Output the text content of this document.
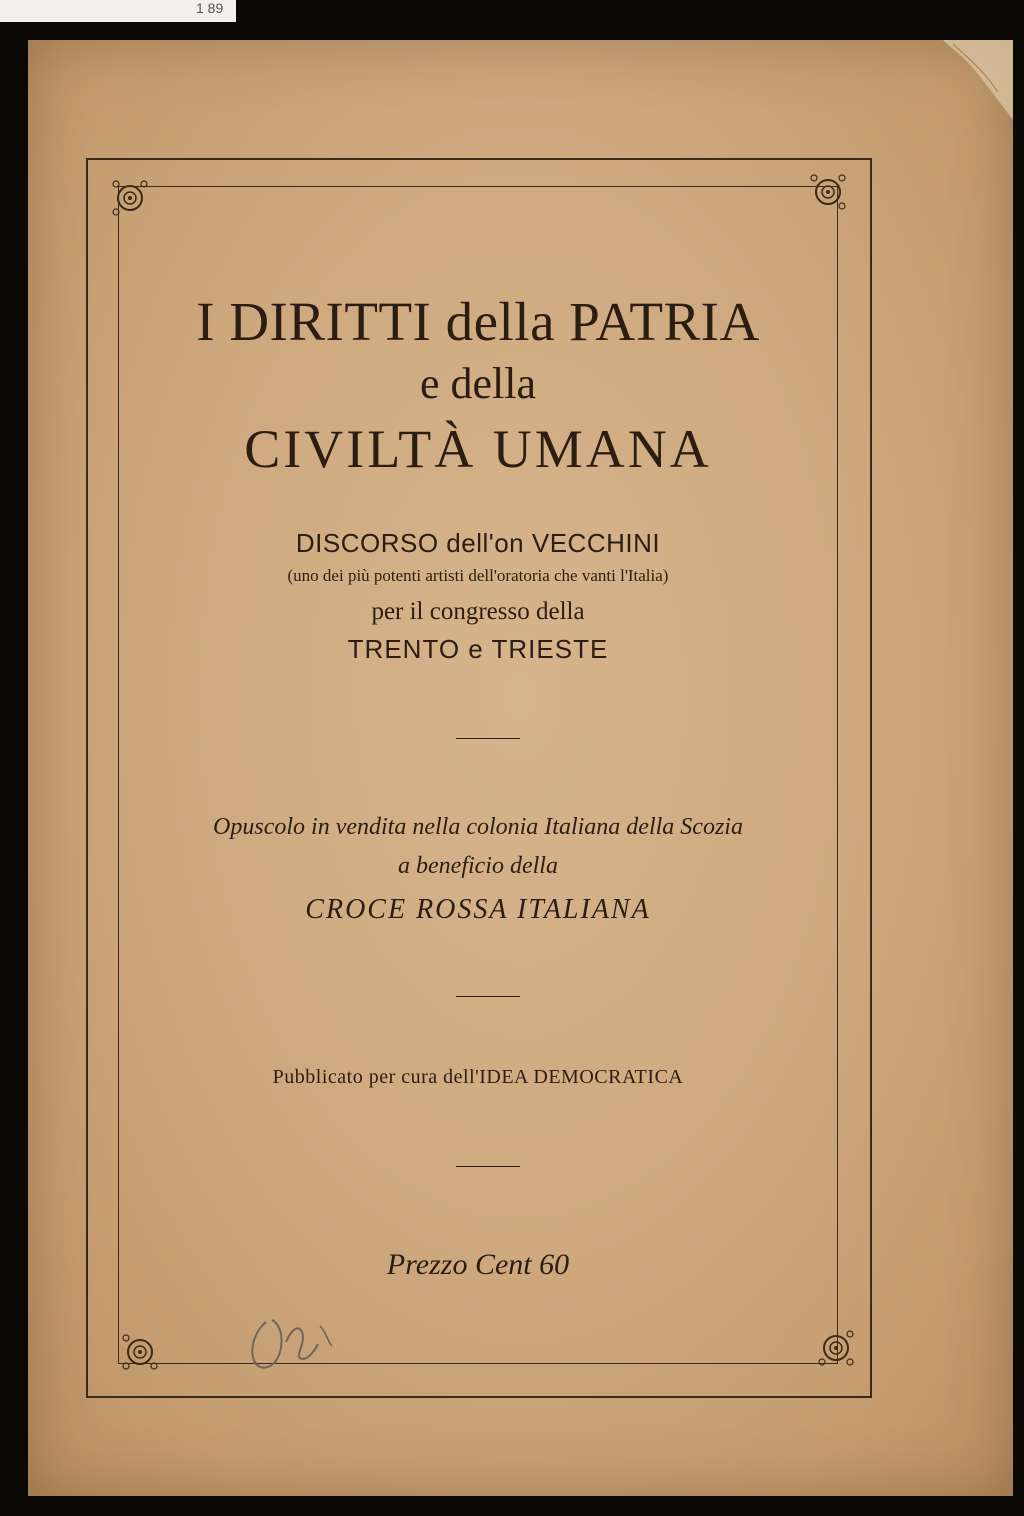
1 89
I DIRITTI della PATRIA
e della
CIVILTÀ UMANA
DISCORSO dell'on VECCHINI
(uno dei più potenti artisti dell'oratoria che vanti l'Italia)
per il congresso della
TRENTO e TRIESTE
Opuscolo in vendita nella colonia Italiana della Scozia
a beneficio della
CROCE ROSSA ITALIANA
Pubblicato per cura dell'IDEA DEMOCRATICA
Prezzo Cent 60
